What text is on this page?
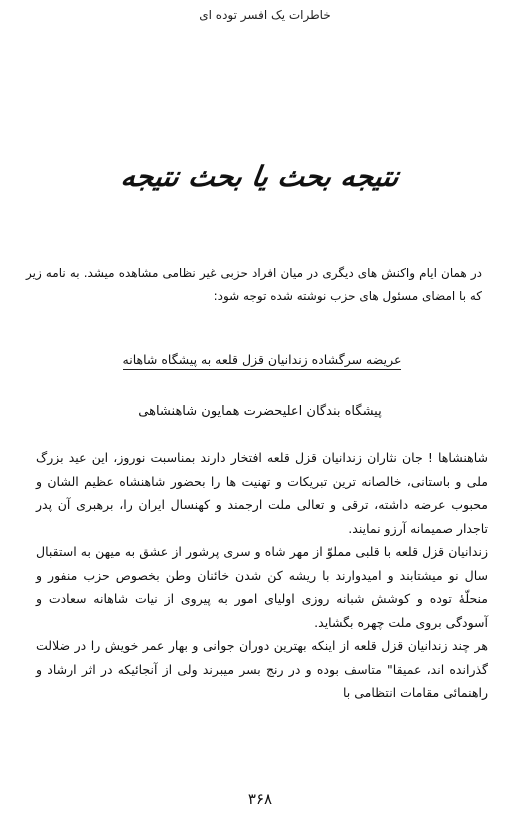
خاطرات یک افسر توده ای
نتیجه بحث یا بحث نتیجه
در همان ایام واکنش های دیگری در میان افراد حزبی غیر نظامی مشاهده میشد. به نامه زیر که با امضای مسئول های حزب نوشته شده توجه شود:
عریضه سرگشاده زندانیان قزل قلعه به پیشگاه شاهانه
پیشگاه بندگان اعلیحضرت همایون شاهنشاهی

شاهنشاها ! جان نثاران زندانیان قزل قلعه افتخار دارند بمناسبت نوروز، این عید بزرگ ملی و باستانی، خالصانه ترین تبریکات و تهنیت ها را بحضور شاهنشاه عظیم الشان و محبوب عرضه داشته، ترقی و تعالی ملت ارجمند و کهنسال ایران را، برهبری آن پدر تاجدار صمیمانه آرزو نمایند.

زندانیان قزل قلعه با قلبی مملوّ از مهر شاه و سری پرشور از عشق به میهن به استقبال سال نو میشتابند و امیدوارند با ریشه کن شدن خائنان وطن بخصوص حزب منفور و منحلّهٔ توده و کوشش شبانه روزی اولیای امور به پیروی از نیات شاهانه سعادت و آسودگی بروی ملت چهره بگشاید.

هر چند زندانیان قزل قلعه از اینکه بهترین دوران جوانی و بهار عمر خویش را در ضلالت گذرانده اند، عمیقا" متاسف بوده و در رنج بسر میبرند ولی از آنجائیکه در اثر ارشاد و راهنمائی مقامات انتظامی با

۳۶۸
